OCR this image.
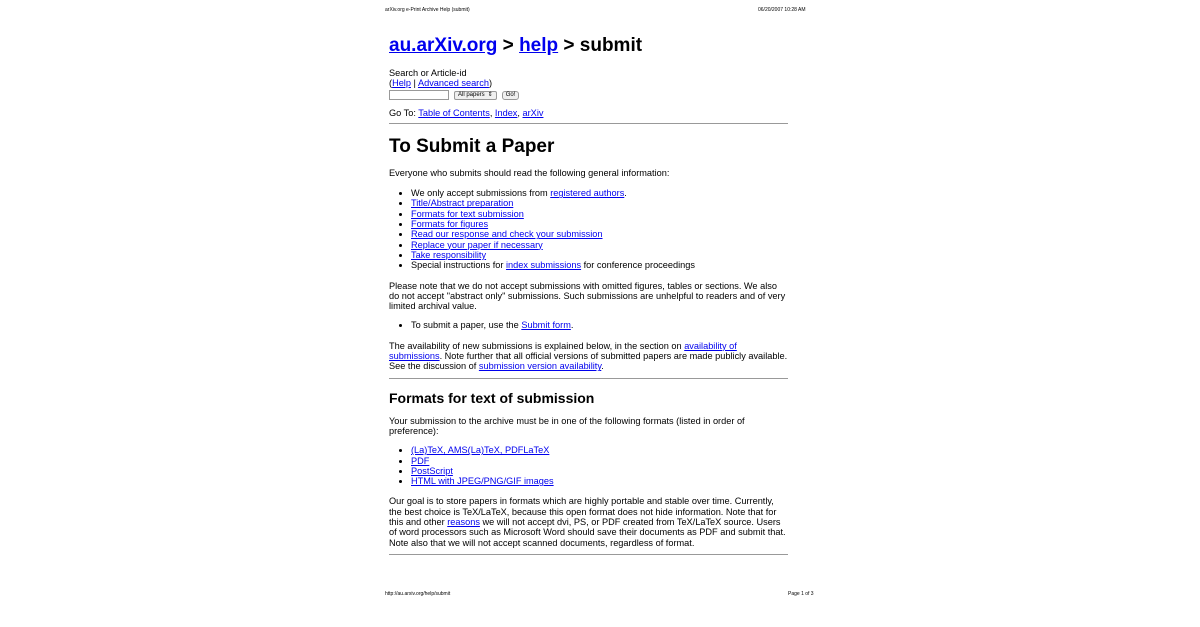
arXiv.org e-Print Archive Help (submit)	06/20/2007 10:28 AM
au.arXiv.org > help > submit
Search or Article-id
(Help | Advanced search)
All papers ⇕	Go!
Go To: Table of Contents, Index, arXiv
To Submit a Paper

Everyone who submits should read the following general information:

• We only accept submissions from registered authors.
• Title/Abstract preparation
• Formats for text submission
• Formats for figures
• Read our response and check your submission
• Replace your paper if necessary
• Take responsibility
• Special instructions for index submissions for conference proceedings

Please note that we do not accept submissions with omitted figures, tables or sections. We also do not accept "abstract only" submissions. Such submissions are unhelpful to readers and of very limited archival value.

• To submit a paper, use the Submit form.

The availability of new submissions is explained below, in the section on availability of submissions. Note further that all official versions of submitted papers are made publicly available. See the discussion of submission version availability.

Formats for text of submission

Your submission to the archive must be in one of the following formats (listed in order of preference):

• (La)TeX, AMS(La)TeX, PDFLaTeX
• PDF
• PostScript
• HTML with JPEG/PNG/GIF images

Our goal is to store papers in formats which are highly portable and stable over time. Currently, the best choice is TeX/LaTeX, because this open format does not hide information. Note that for this and other reasons we will not accept dvi, PS, or PDF created from TeX/LaTeX source. Users of word processors such as Microsoft Word should save their documents as PDF and submit that. Note also that we will not accept scanned documents, regardless of format.

http://au.arxiv.org/help/submit	Page 1 of 3
